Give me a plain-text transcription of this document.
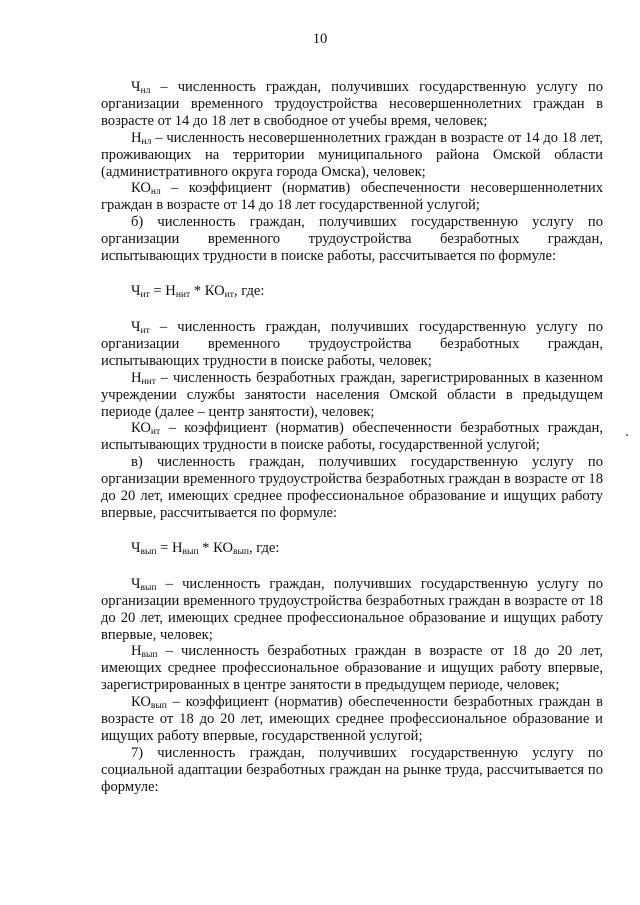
10

$Ч_{нл}$ – численность граждан, получивших государственную услугу по организации временного трудоустройства несовершеннолетних граждан в возрасте от 14 до 18 лет в свободное от учебы время, человек;

$Н_{нл}$ – численность несовершеннолетних граждан в возрасте от 14 до 18 лет, проживающих на территории муниципального района Омской области (административного округа города Омска), человек;

$КО_{нл}$ – коэффициент (норматив) обеспеченности несовершеннолетних граждан в возрасте от 14 до 18 лет государственной услугой;

б) численность граждан, получивших государственную услугу по организации временного трудоустройства безработных граждан, испытывающих трудности в поиске работы, рассчитывается по формуле:

$Ч_{ит} = Н_{нит} * КО_{ит}$, где:

$Ч_{ит}$ – численность граждан, получивших государственную услугу по организации временного трудоустройства безработных граждан, испытывающих трудности в поиске работы, человек;

$Н_{нит}$ – численность безработных граждан, зарегистрированных в казенном учреждении службы занятости населения Омской области в предыдущем периоде (далее – центр занятости), человек;

$КО_{ит}$ – коэффициент (норматив) обеспеченности безработных граждан, испытывающих трудности в поиске работы, государственной услугой;

в) численность граждан, получивших государственную услугу по организации временного трудоустройства безработных граждан в возрасте от 18 до 20 лет, имеющих среднее профессиональное образование и ищущих работу впервые, рассчитывается по формуле:

$Ч_{вып} = Н_{вып} * КО_{вып}$, где:

$Ч_{вып}$ – численность граждан, получивших государственную услугу по организации временного трудоустройства безработных граждан в возрасте от 18 до 20 лет, имеющих среднее профессиональное образование и ищущих работу впервые, человек;

$Н_{вып}$ – численность безработных граждан в возрасте от 18 до 20 лет, имеющих среднее профессиональное образование и ищущих работу впервые, зарегистрированных в центре занятости в предыдущем периоде, человек;

$КО_{вып}$ – коэффициент (норматив) обеспеченности безработных граждан в возрасте от 18 до 20 лет, имеющих среднее профессиональное образование и ищущих работу впервые, государственной услугой;

7) численность граждан, получивших государственную услугу по социальной адаптации безработных граждан на рынке труда, рассчитывается по формуле:
